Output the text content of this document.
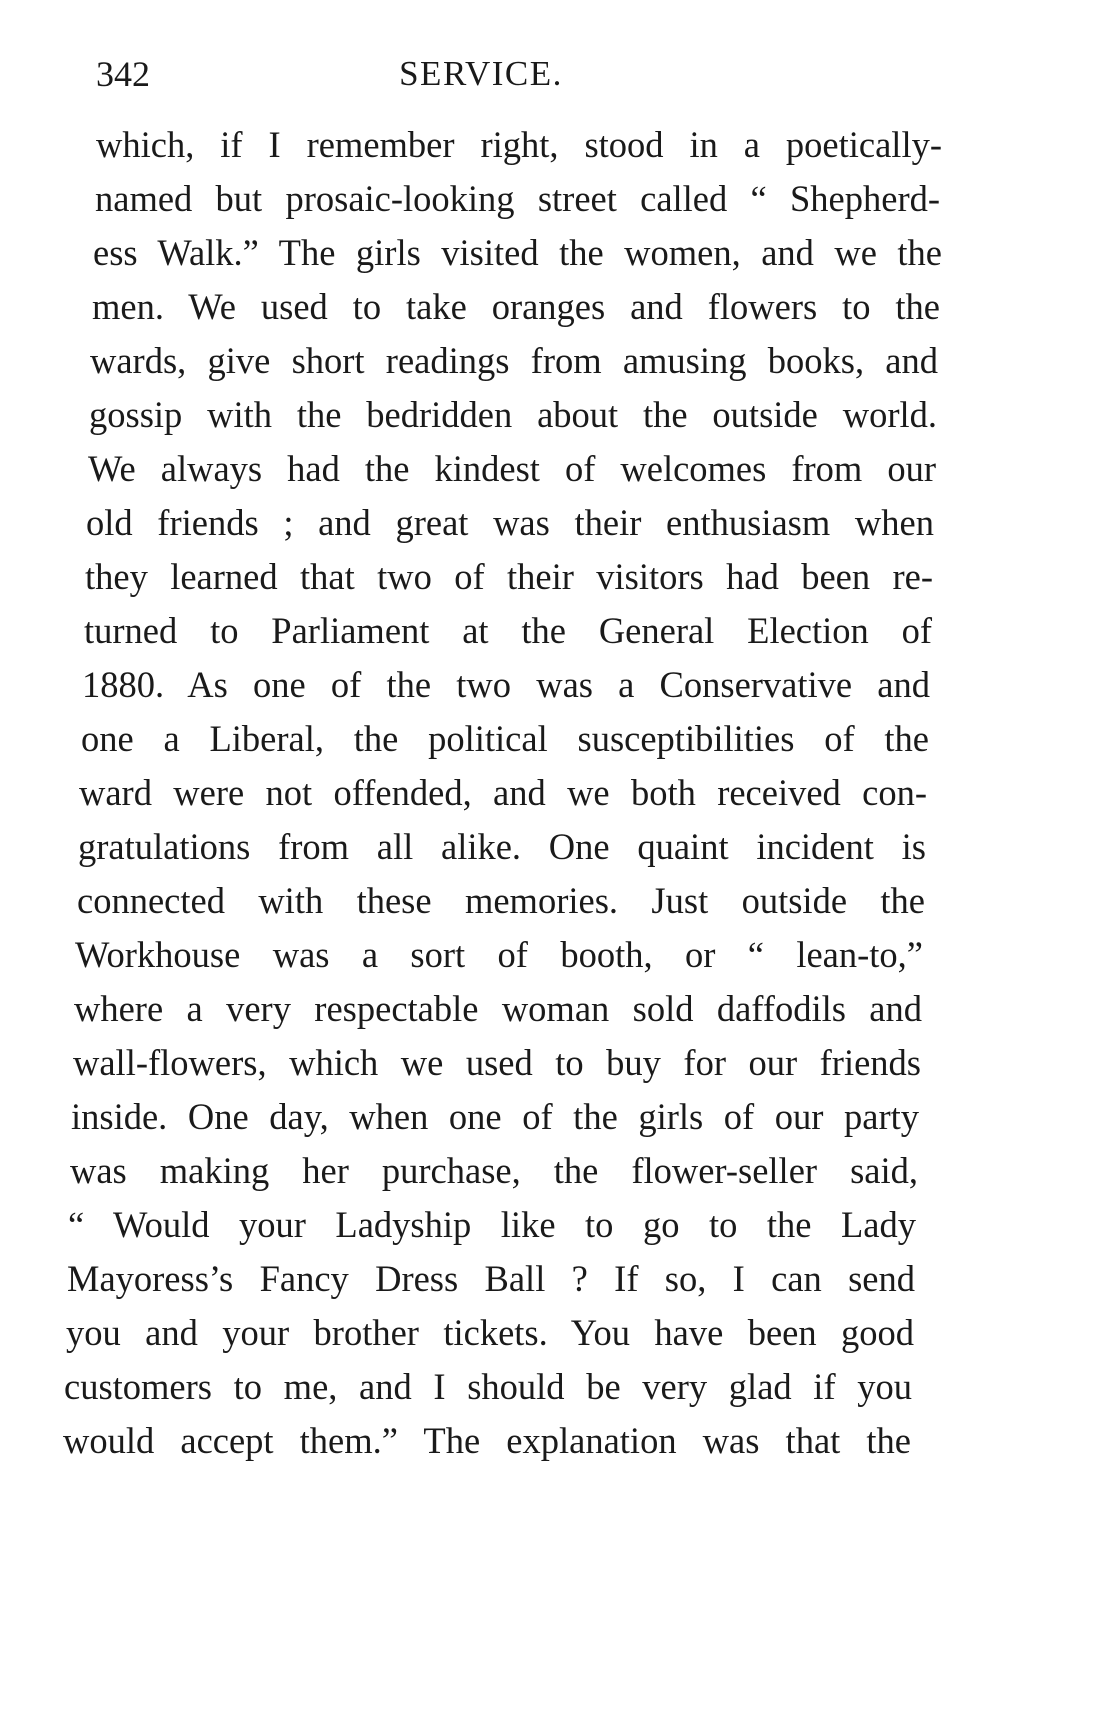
342	SERVICE.
which, if I remember right, stood in a poetically-
named but prosaic-looking street called “ Shepherd-
ess Walk.” The girls visited the women, and we the
men. We used to take oranges and flowers to the
wards, give short readings from amusing books, and
gossip with the bedridden about the outside world.
We always had the kindest of welcomes from our
old friends ; and great was their enthusiasm when
they learned that two of their visitors had been re-
turned to Parliament at the General Election of
1880. As one of the two was a Conservative and
one a Liberal, the political susceptibilities of the
ward were not offended, and we both received con-
gratulations from all alike. One quaint incident is
connected with these memories. Just outside the
Workhouse was a sort of booth, or “ lean-to,”
where a very respectable woman sold daffodils and
wall-flowers, which we used to buy for our friends
inside. One day, when one of the girls of our party
was making her purchase, the flower-seller said,
“ Would your Ladyship like to go to the Lady
Mayoress’s Fancy Dress Ball ? If so, I can send
you and your brother tickets. You have been good
customers to me, and I should be very glad if you
would accept them.” The explanation was that the
